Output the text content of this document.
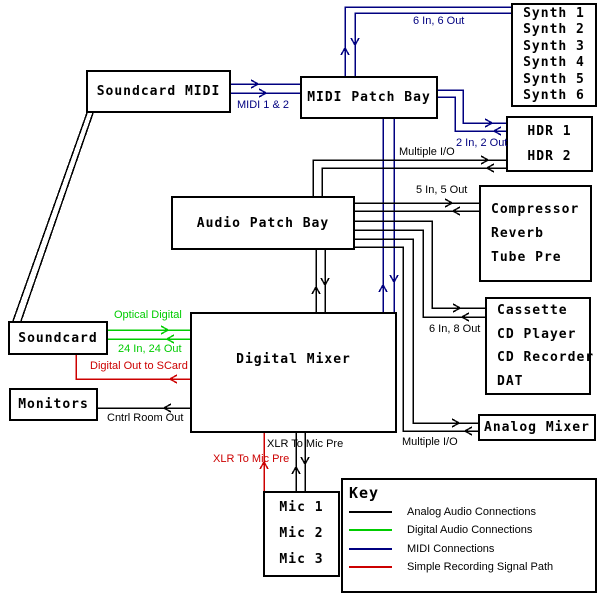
Key
Analog Audio Connections
Digital Audio Connections
MIDI Connections
Simple Recording Signal Path
Soundcard MIDI	MIDI Patch Bay
Synth 1
Synth 2
Synth 3
Synth 4
Synth 5
Synth 6
HDR 1
HDR 2
Audio Patch Bay
Compressor
Reverb
Tube Pre
Soundcard
Digital Mixer
Cassette
CD Player
CD Recorder
DAT
Monitors
Analog Mixer
Mic 1
Mic 2
Mic 3
MIDI 1 & 2
6 In, 6 Out
2 In, 2 Out
Multiple I/O
5 In, 5 Out
6 In, 8 Out
Multiple I/O
Optical Digital
24 In, 24 Out
Digital Out to SCard
Cntrl Room Out
XLR To Mic Pre
XLR To Mic Pre
